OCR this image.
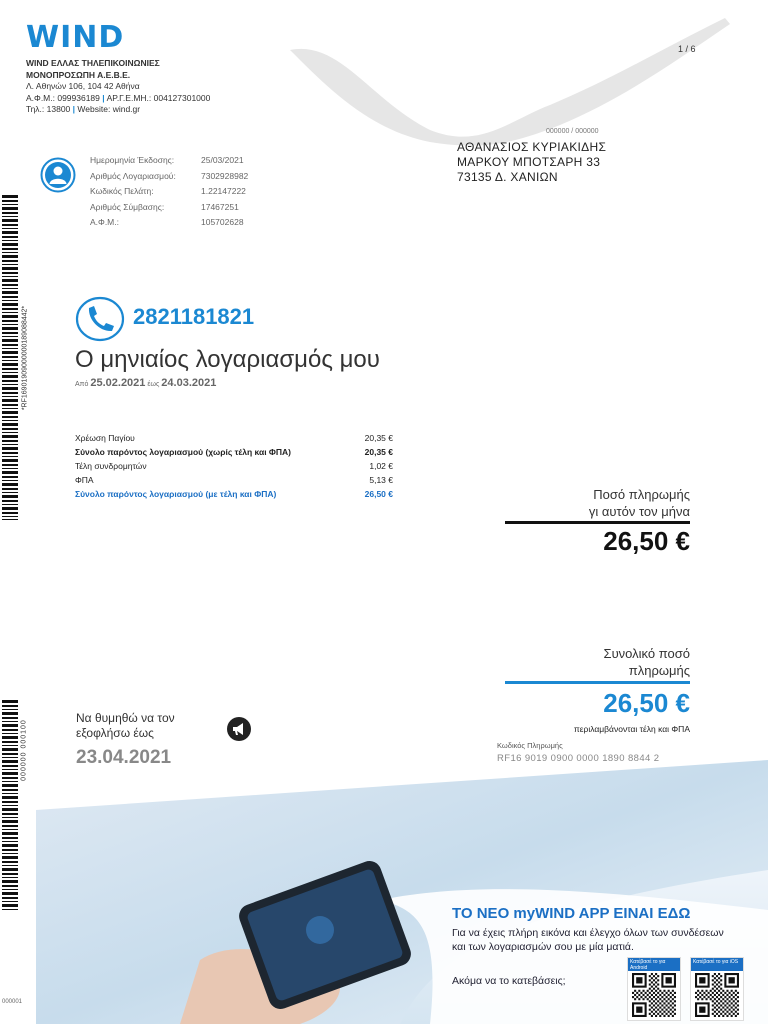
WIND
WIND ΕΛΛΑΣ ΤΗΛΕΠΙΚΟΙΝΩΝΙΕΣ
ΜΟΝΟΠΡΟΣΩΠΗ Α.Ε.Β.Ε.
Λ. Αθηνών 106, 104 42 Αθήνα
Α.Φ.Μ.: 099936189 | ΑΡ.Γ.Ε.ΜΗ.: 004127301000
Τηλ.: 13800 | Website: wind.gr
1 / 6
000000 / 000000
ΑΘΑΝΑΣΙΟΣ ΚΥΡΙΑΚΙΔΗΣ
ΜΑΡΚΟΥ ΜΠΟΤΣΑΡΗ 33
73135 Δ. ΧΑΝΙΩΝ
Ημερομηνία Έκδοσης:	25/03/2021
Αριθμός Λογαριασμού:	7302928982
Κωδικός Πελάτη:	1.22147222
Αριθμός Σύμβασης:	17467251
Α.Φ.Μ.:	105702628
*RF16901909000000189088442*	2821181821
Ο μηνιαίος λογαριασμός μου
Από 25.02.2021 έως 24.03.2021
Χρέωση Παγίου	20,35 €
Σύνολο παρόντος λογαριασμού (χωρίς τέλη και ΦΠΑ)	20,35 €
Τέλη συνδρομητών	1,02 €
ΦΠΑ	5,13 €
Σύνολο παρόντος λογαριασμού (με τέλη και ΦΠΑ)	26,50 €	Ποσό πληρωμής
γι αυτόν τον μήνα
26,50 €
Συνολικό ποσό
πληρωμής
26,50 €
περιλαμβάνονται τέλη και ΦΠΑ
Κωδικός Πληρωμής
RF16 9019 0900 0000 1890 8844 2
Να θυμηθώ να τον
εξοφλήσω έως
23.04.2021
000000 000100
000001
ΤΟ ΝΕΟ myWIND APP ΕΙΝΑΙ ΕΔΩ
Για να έχεις πλήρη εικόνα και έλεγχο όλων των συνδέσεων
και των λογαριασμών σου με μία ματιά.
Ακόμα να το κατεβάσεις;
Κατέβασέ το για Android
Κατέβασέ το για iOS
